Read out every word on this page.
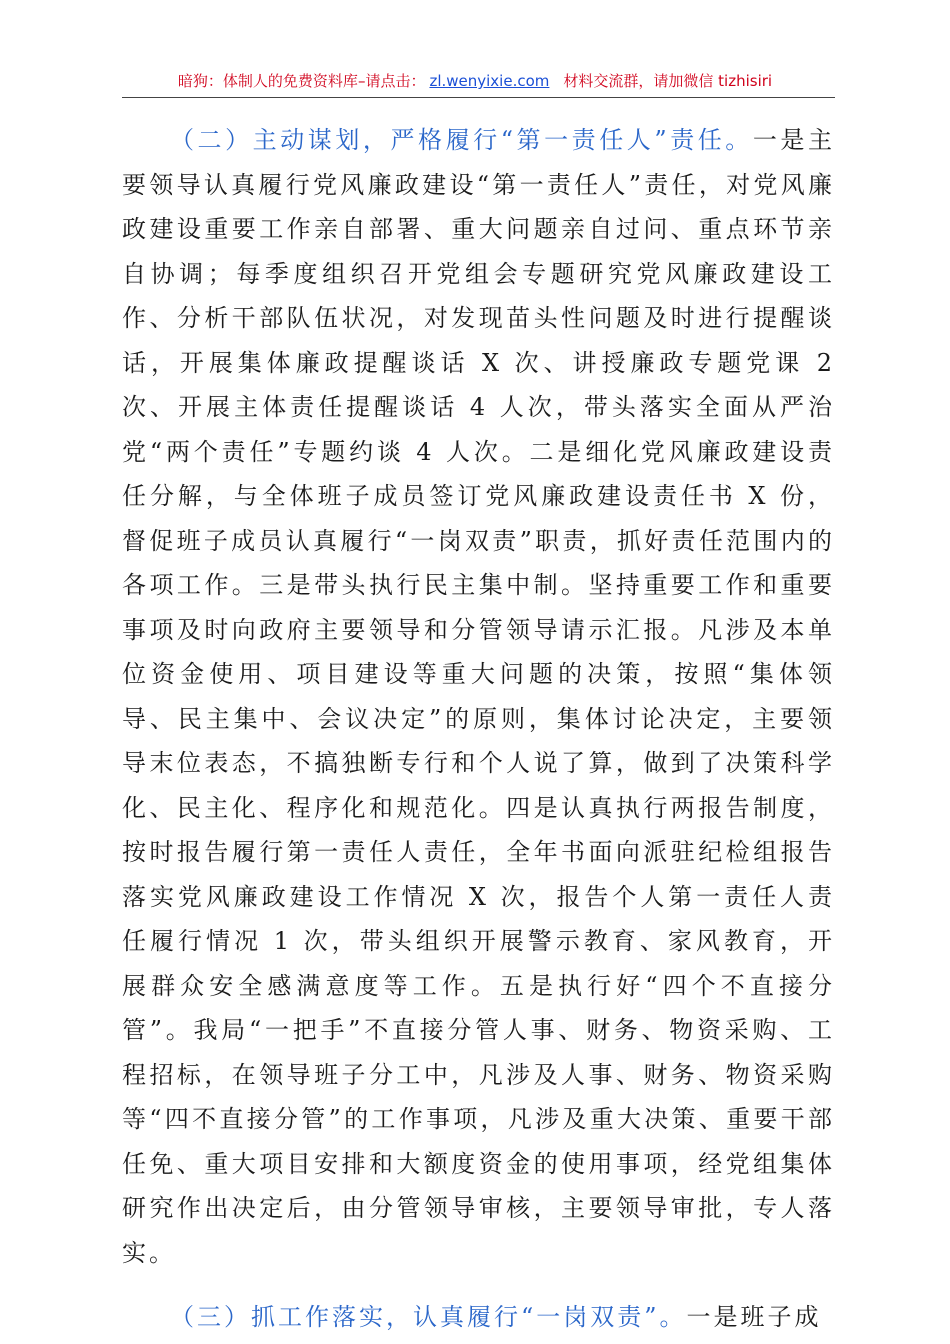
暗狗：体制人的免费资料库–请点击： zl.wenyixie.com 材料交流群，请加微信 tizhisiri

（二）主动谋划，严格履行“第一责任人”责任。一是主要领导认真履行党风廉政建设“第一责任人”责任，对党风廉政建设重要工作亲自部署、重大问题亲自过问、重点环节亲自协调；每季度组织召开党组会专题研究党风廉政建设工作、分析干部队伍状况，对发现苗头性问题及时进行提醒谈话，开展集体廉政提醒谈话 X 次、讲授廉政专题党课 2 次、开展主体责任提醒谈话 4 人次，带头落实全面从严治党“两个责任”专题约谈 4 人次。二是细化党风廉政建设责任分解，与全体班子成员签订党风廉政建设责任书 X 份，督促班子成员认真履行“一岗双责”职责，抓好责任范围内的各项工作。三是带头执行民主集中制。坚持重要工作和重要事项及时向政府主要领导和分管领导请示汇报。凡涉及本单位资金使用、项目建设等重大问题的决策，按照“集体领导、民主集中、会议决定”的原则，集体讨论决定，主要领导末位表态，不搞独断专行和个人说了算，做到了决策科学化、民主化、程序化和规范化。四是认真执行两报告制度，按时报告履行第一责任人责任，全年书面向派驻纪检组报告落实党风廉政建设工作情况 X 次，报告个人第一责任人责任履行情况 1 次，带头组织开展警示教育、家风教育，开展群众安全感满意度等工作。五是执行好“四个不直接分管”。我局“一把手”不直接分管人事、财务、物资采购、工程招标，在领导班子分工中，凡涉及人事、财务、物资采购等“四不直接分管”的工作事项，凡涉及重大决策、重要干部任免、重大项目安排和大额度资金的使用事项，经党组集体研究作出决定后，由分管领导审核，主要领导审批，专人落实。

（三）抓工作落实，认真履行“一岗双责”。一是班子成
